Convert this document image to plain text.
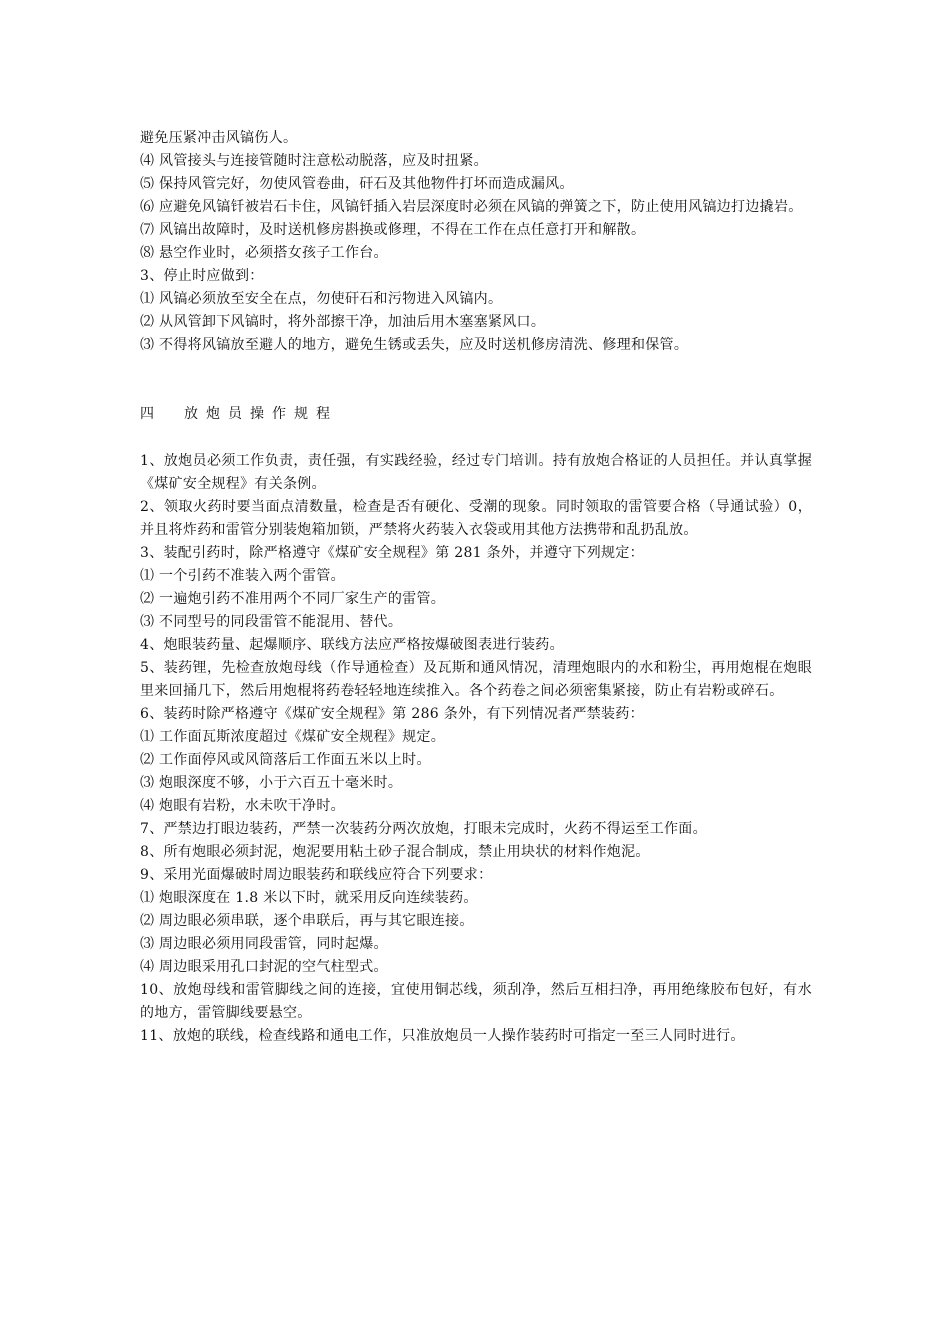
避免压紧冲击风镐伤人。
⑷ 风管接头与连接管随时注意松动脱落，应及时扭紧。
⑸ 保持风管完好，勿使风管卷曲，矸石及其他物件打坏而造成漏风。
⑹ 应避免风镐钎被岩石卡住，风镐钎插入岩层深度时必须在风镐的弹簧之下，防止使用风镐边打边撬岩。
⑺ 风镐出故障时，及时送机修房斟换或修理，不得在工作在点任意打开和解散。
⑻ 悬空作业时，必须搭女孩子工作台。
3、停止时应做到：
⑴ 风镐必须放至安全在点，勿使矸石和污物进入风镐内。
⑵ 从风管卸下风镐时，将外部擦干净，加油后用木塞塞紧风口。
⑶ 不得将风镐放至避人的地方，避免生锈或丢失，应及时送机修房清洗、修理和保管。
四　放炮员操作规程
1、放炮员必须工作负责，责任强，有实践经验，经过专门培训。持有放炮合格证的人员担任。并认真掌握《煤矿安全规程》有关条例。
2、领取火药时要当面点清数量，检查是否有硬化、受潮的现象。同时领取的雷管要合格（导通试验）0，并且将炸药和雷管分别装炮箱加锁，严禁将火药装入衣袋或用其他方法携带和乱扔乱放。
3、装配引药时，除严格遵守《煤矿安全规程》第 281 条外，并遵守下列规定：
⑴ 一个引药不准装入两个雷管。
⑵ 一遍炮引药不准用两个不同厂家生产的雷管。
⑶ 不同型号的同段雷管不能混用、替代。
4、炮眼装药量、起爆顺序、联线方法应严格按爆破图表进行装药。
5、装药锂，先检查放炮母线（作导通检查）及瓦斯和通风情况，清理炮眼内的水和粉尘，再用炮棍在炮眼里来回捅几下，然后用炮棍将药卷轻轻地连续推入。各个药卷之间必须密集紧接，防止有岩粉或碎石。
6、装药时除严格遵守《煤矿安全规程》第 286 条外，有下列情况者严禁装药：
⑴ 工作面瓦斯浓度超过《煤矿安全规程》规定。
⑵ 工作面停风或风筒落后工作面五米以上时。
⑶ 炮眼深度不够，小于六百五十毫米时。
⑷ 炮眼有岩粉，水未吹干净时。
7、严禁边打眼边装药，严禁一次装药分两次放炮，打眼未完成时，火药不得运至工作面。
8、所有炮眼必须封泥，炮泥要用粘土砂子混合制成，禁止用块状的材料作炮泥。
9、采用光面爆破时周边眼装药和联线应符合下列要求：
⑴ 炮眼深度在 1.8 米以下时，就采用反向连续装药。
⑵ 周边眼必须串联，逐个串联后，再与其它眼连接。
⑶ 周边眼必须用同段雷管，同时起爆。
⑷ 周边眼采用孔口封泥的空气柱型式。
10、放炮母线和雷管脚线之间的连接，宜使用铜芯线，须刮净，然后互相扫净，再用绝缘胶布包好，有水的地方，雷管脚线要悬空。
11、放炮的联线，检查线路和通电工作，只准放炮员一人操作装药时可指定一至三人同时进行。
